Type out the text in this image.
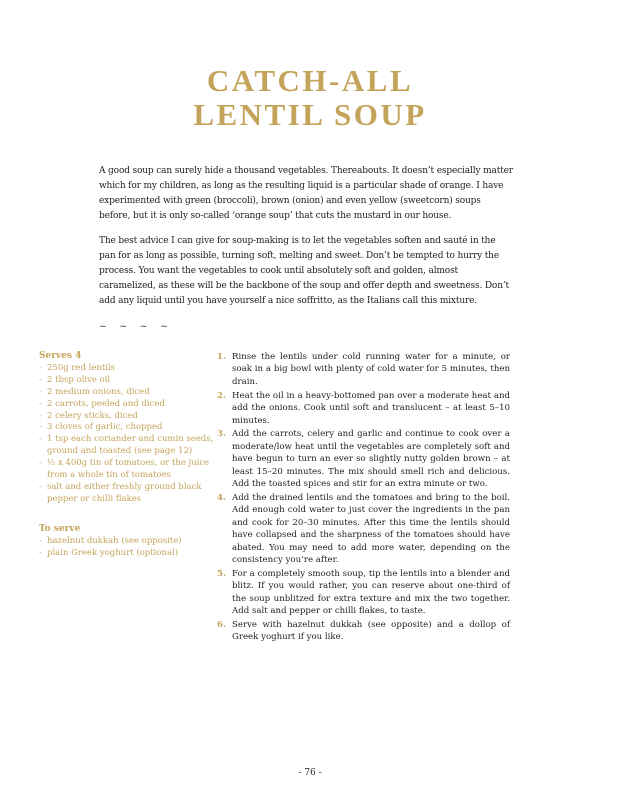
CATCH-ALL
LENTIL SOUP

A good soup can surely hide a thousand vegetables. Thereabouts. It doesn’t especially matter which for my children, as long as the resulting liquid is a particular shade of orange. I have experimented with green (broccoli), brown (onion) and even yellow (sweetcorn) soups before, but it is only so-called ‘orange soup’ that cuts the mustard in our house.

The best advice I can give for soup-making is to let the vegetables soften and sauté in the pan for as long as possible, turning soft, melting and sweet. Don’t be tempted to hurry the process. You want the vegetables to cook until absolutely soft and golden, almost caramelized, as these will be the backbone of the soup and offer depth and sweetness. Don’t add any liquid until you have yourself a nice soffritto, as the Italians call this mixture.

~ ~ ~ ~
Serves 4
- 250g red lentils
- 2 tbsp olive oil
- 2 medium onions, diced
- 2 carrots, peeled and diced
- 2 celery sticks, diced
- 3 cloves of garlic, chopped
- 1 tsp each coriander and cumin seeds, ground and toasted (see page 12)
- ½ x 400g tin of tomatoes, or the juice from a whole tin of tomatoes
- salt and either freshly ground black pepper or chilli flakes
To serve
- hazelnut dukkah (see opposite)
- plain Greek yoghurt (optional)
1. Rinse the lentils under cold running water for a minute, or soak in a big bowl with plenty of cold water for 5 minutes, then drain.
2. Heat the oil in a heavy-bottomed pan over a moderate heat and add the onions. Cook until soft and translucent – at least 5–10 minutes.
3. Add the carrots, celery and garlic and continue to cook over a moderate/low heat until the vegetables are completely soft and have begun to turn an ever so slightly nutty golden brown – at least 15–20 minutes. The mix should smell rich and delicious. Add the toasted spices and stir for an extra minute or two.
4. Add the drained lentils and the tomatoes and bring to the boil. Add enough cold water to just cover the ingredients in the pan and cook for 20–30 minutes. After this time the lentils should have collapsed and the sharpness of the tomatoes should have abated. You may need to add more water, depending on the consistency you’re after.
5. For a completely smooth soup, tip the lentils into a blender and blitz. If you would rather, you can reserve about one-third of the soup unblitzed for extra texture and mix the two together. Add salt and pepper or chilli flakes, to taste.
6. Serve with hazelnut dukkah (see opposite) and a dollop of Greek yoghurt if you like.
- 76 -
